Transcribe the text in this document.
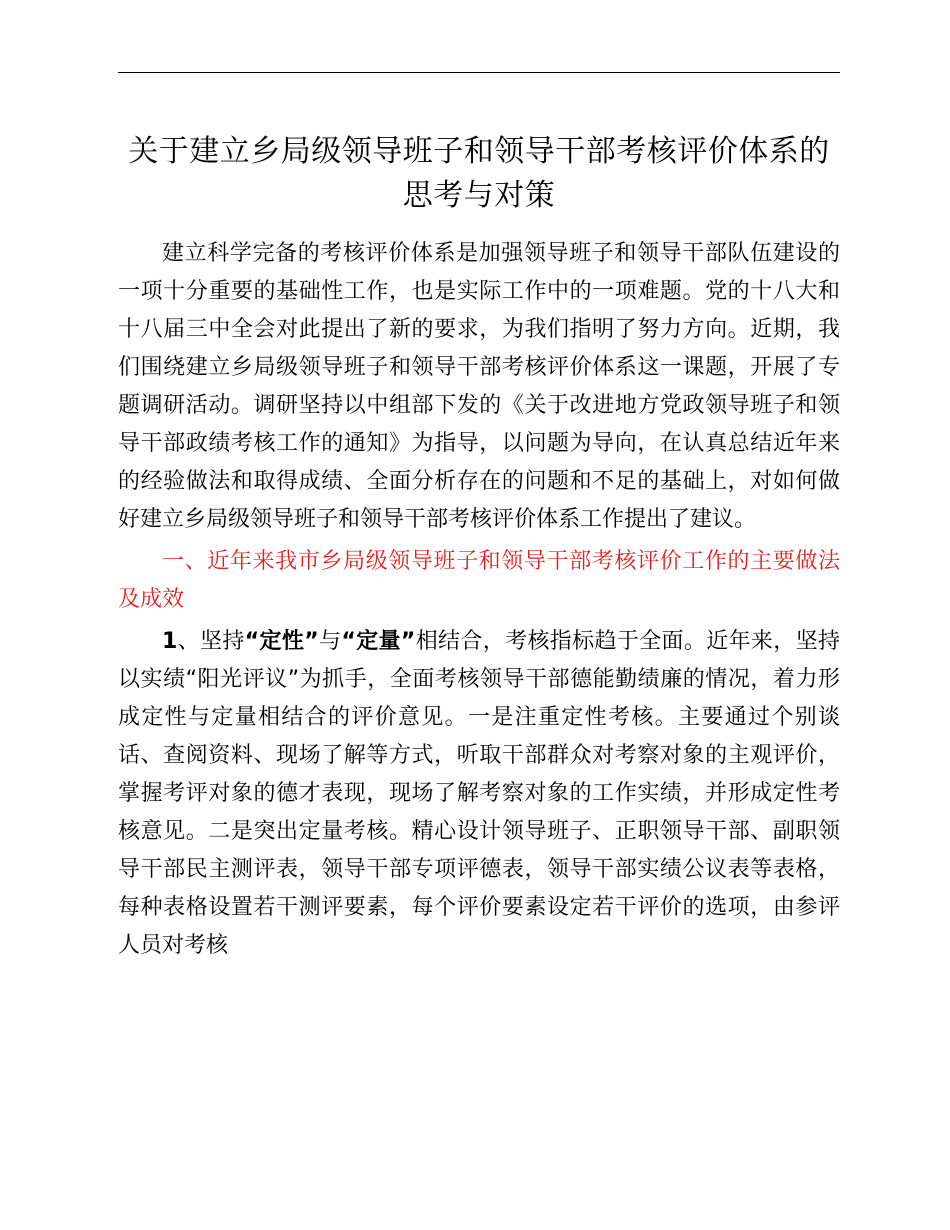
关于建立乡局级领导班子和领导干部考核评价体系的思考与对策

建立科学完备的考核评价体系是加强领导班子和领导干部队伍建设的一项十分重要的基础性工作，也是实际工作中的一项难题。党的十八大和十八届三中全会对此提出了新的要求，为我们指明了努力方向。近期，我们围绕建立乡局级领导班子和领导干部考核评价体系这一课题，开展了专题调研活动。调研坚持以中组部下发的《关于改进地方党政领导班子和领导干部政绩考核工作的通知》为指导，以问题为导向，在认真总结近年来的经验做法和取得成绩、全面分析存在的问题和不足的基础上，对如何做好建立乡局级领导班子和领导干部考核评价体系工作提出了建议。

一、近年来我市乡局级领导班子和领导干部考核评价工作的主要做法及成效

1、坚持“定性”与“定量”相结合，考核指标趋于全面。近年来，坚持以实绩“阳光评议”为抓手，全面考核领导干部德能勤绩廉的情况，着力形成定性与定量相结合的评价意见。一是注重定性考核。主要通过个别谈话、查阅资料、现场了解等方式，听取干部群众对考察对象的主观评价，掌握考评对象的德才表现，现场了解考察对象的工作实绩，并形成定性考核意见。二是突出定量考核。精心设计领导班子、正职领导干部、副职领导干部民主测评表，领导干部专项评德表，领导干部实绩公议表等表格，每种表格设置若干测评要素，每个评价要素设定若干评价的选项，由参评人员对考核
